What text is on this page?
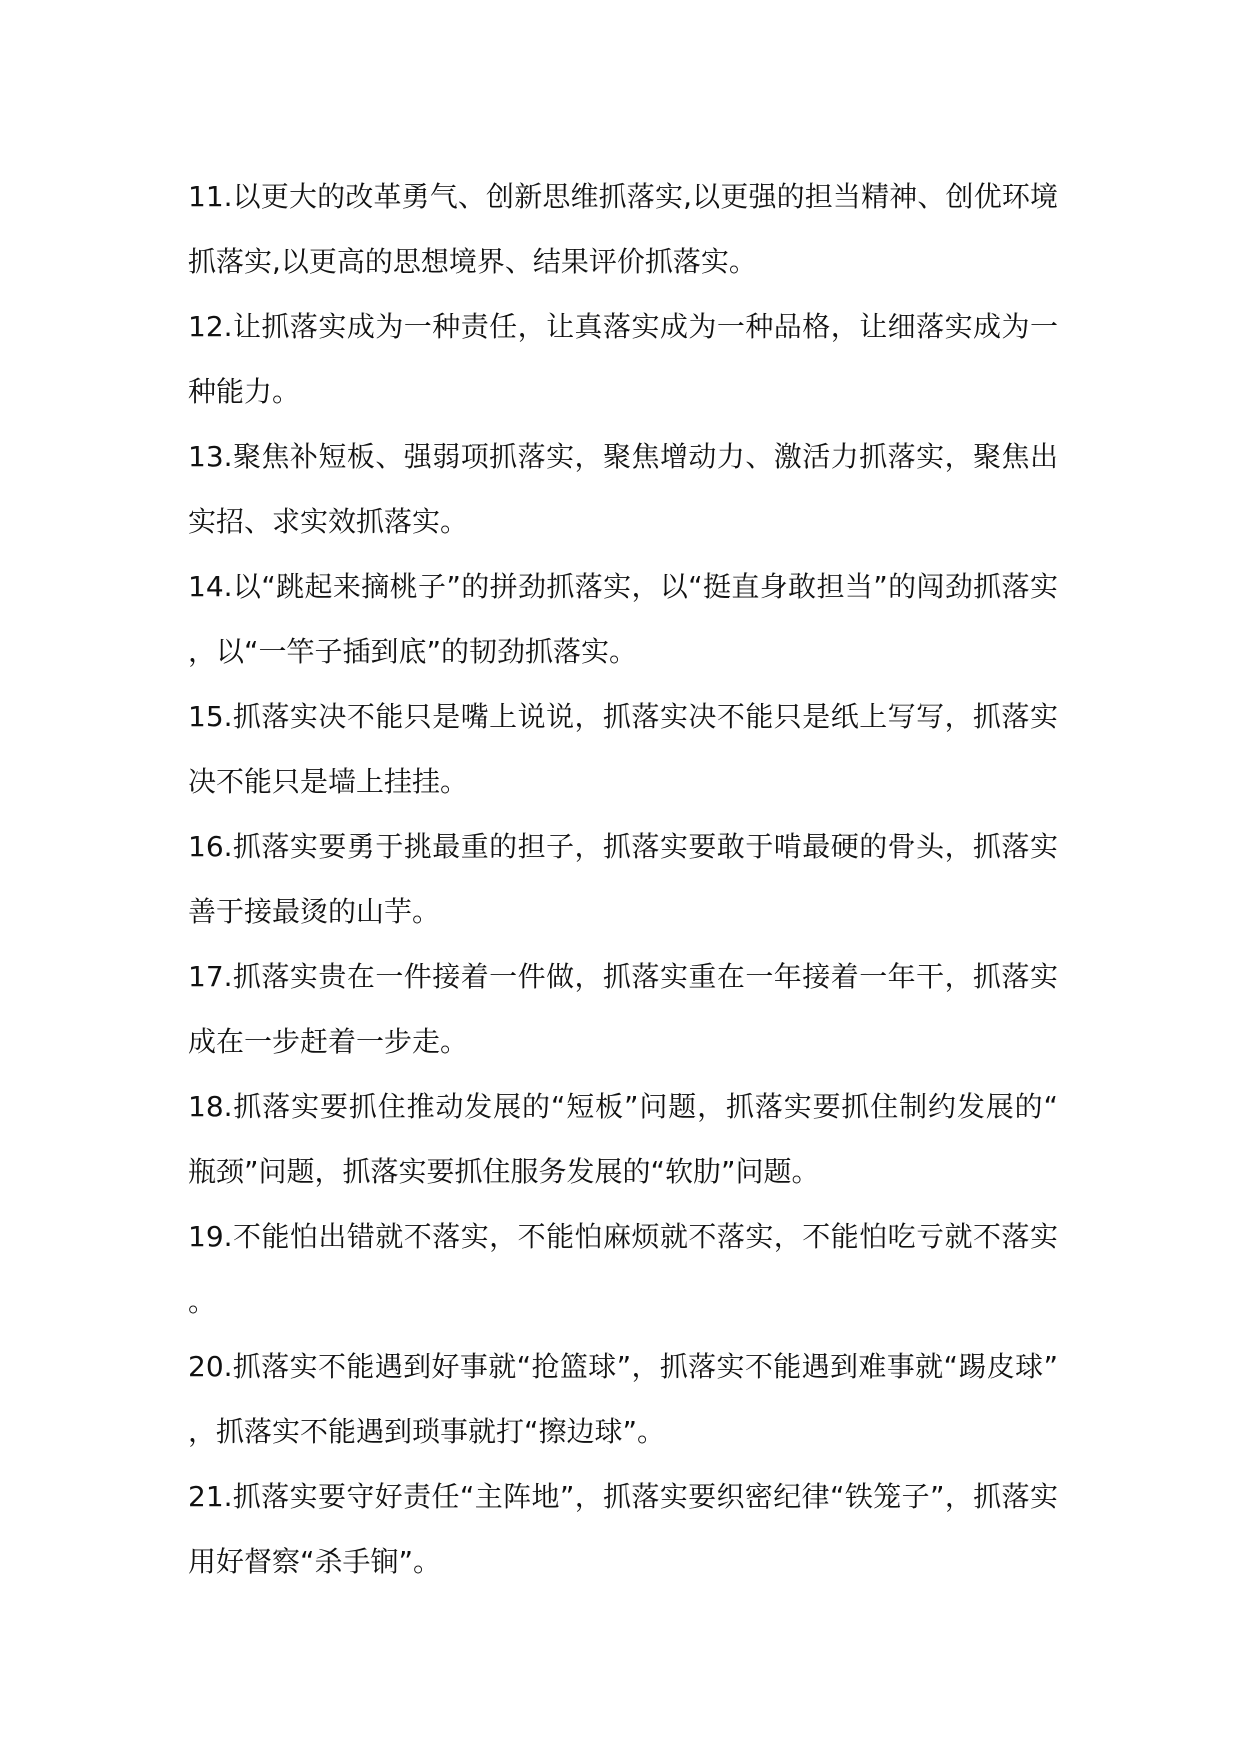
11.以更大的改革勇气、创新思维抓落实,以更强的担当精神、创优环境抓落实,以更高的思想境界、结果评价抓落实。

12.让抓落实成为一种责任，让真落实成为一种品格，让细落实成为一种能力。

13.聚焦补短板、强弱项抓落实，聚焦增动力、激活力抓落实，聚焦出实招、求实效抓落实。

14.以“跳起来摘桃子”的拼劲抓落实，以“挺直身敢担当”的闯劲抓落实，以“一竿子插到底”的韧劲抓落实。

15.抓落实决不能只是嘴上说说，抓落实决不能只是纸上写写，抓落实决不能只是墙上挂挂。

16.抓落实要勇于挑最重的担子，抓落实要敢于啃最硬的骨头，抓落实善于接最烫的山芋。

17.抓落实贵在一件接着一件做，抓落实重在一年接着一年干，抓落实成在一步赶着一步走。

18.抓落实要抓住推动发展的“短板”问题，抓落实要抓住制约发展的“瓶颈”问题，抓落实要抓住服务发展的“软肋”问题。

19.不能怕出错就不落实，不能怕麻烦就不落实，不能怕吃亏就不落实。

20.抓落实不能遇到好事就“抢篮球”，抓落实不能遇到难事就“踢皮球”，抓落实不能遇到琐事就打“擦边球”。

21.抓落实要守好责任“主阵地”，抓落实要织密纪律“铁笼子”，抓落实用好督察“杀手锏”。
